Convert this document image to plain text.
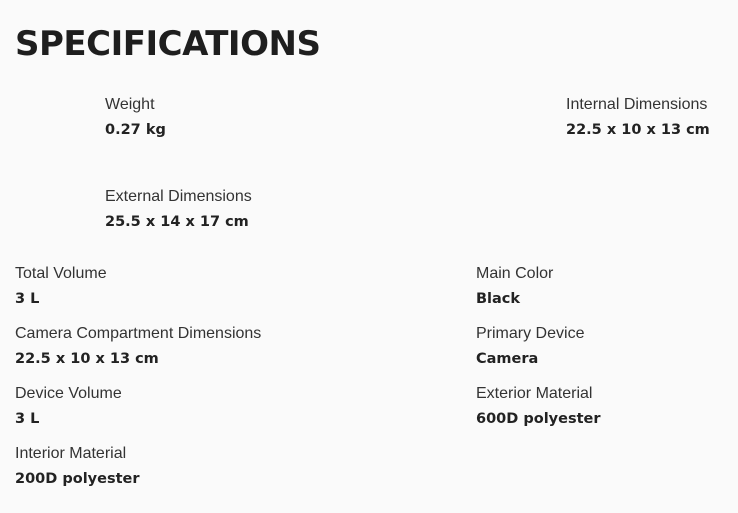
SPECIFICATIONS
Weight
0.27 kg
Internal Dimensions
22.5 x 10 x 13 cm
External Dimensions
25.5 x 14 x 17 cm
Total Volume
3 L
Camera Compartment Dimensions
22.5 x 10 x 13 cm
Device Volume
3 L
Interior Material
200D polyester
Main Color
Black
Primary Device
Camera
Exterior Material
600D polyester
